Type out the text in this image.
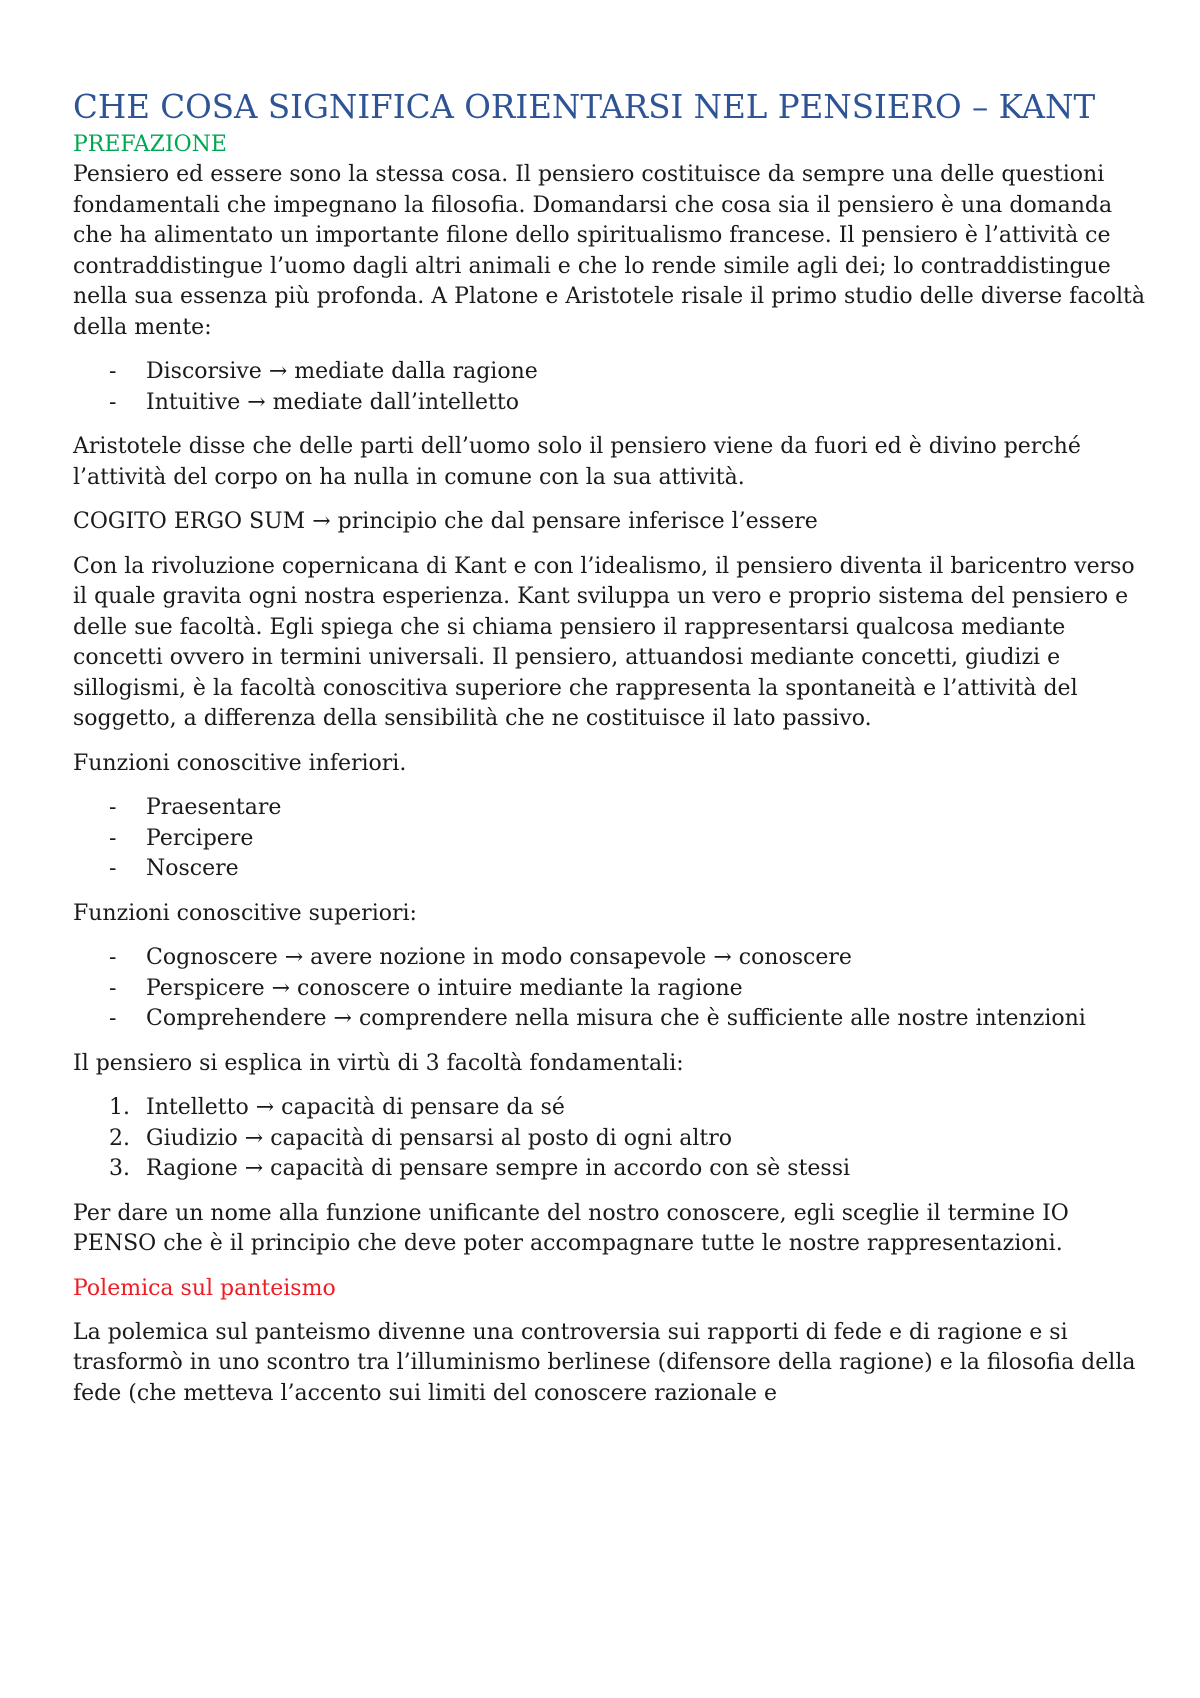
CHE COSA SIGNIFICA ORIENTARSI NEL PENSIERO – KANT
PREFAZIONE

Pensiero ed essere sono la stessa cosa. Il pensiero costituisce da sempre una delle questioni fondamentali che impegnano la filosofia. Domandarsi che cosa sia il pensiero è una domanda che ha alimentato un importante filone dello spiritualismo francese. Il pensiero è l’attività ce contraddistingue l’uomo dagli altri animali e che lo rende simile agli dei; lo contraddistingue nella sua essenza più profonda. A Platone e Aristotele risale il primo studio delle diverse facoltà della mente:

- Discorsive → mediate dalla ragione
- Intuitive → mediate dall’intelletto

Aristotele disse che delle parti dell’uomo solo il pensiero viene da fuori ed è divino perché l’attività del corpo on ha nulla in comune con la sua attività.

COGITO ERGO SUM → principio che dal pensare inferisce l’essere

Con la rivoluzione copernicana di Kant e con l’idealismo, il pensiero diventa il baricentro verso il quale gravita ogni nostra esperienza. Kant sviluppa un vero e proprio sistema del pensiero e delle sue facoltà. Egli spiega che si chiama pensiero il rappresentarsi qualcosa mediante concetti ovvero in termini universali. Il pensiero, attuandosi mediante concetti, giudizi e sillogismi, è la facoltà conoscitiva superiore che rappresenta la spontaneità e l’attività del soggetto, a differenza della sensibilità che ne costituisce il lato passivo.

Funzioni conoscitive inferiori.

- Praesentare
- Percipere
- Noscere

Funzioni conoscitive superiori:

- Cognoscere → avere nozione in modo consapevole → conoscere
- Perspicere → conoscere o intuire mediante la ragione
- Comprehendere → comprendere nella misura che è sufficiente alle nostre intenzioni

Il pensiero si esplica in virtù di 3 facoltà fondamentali:

1. Intelletto → capacità di pensare da sé
2. Giudizio → capacità di pensarsi al posto di ogni altro
3. Ragione → capacità di pensare sempre in accordo con sè stessi

Per dare un nome alla funzione unificante del nostro conoscere, egli sceglie il termine IO PENSO che è il principio che deve poter accompagnare tutte le nostre rappresentazioni.

Polemica sul panteismo

La polemica sul panteismo divenne una controversia sui rapporti di fede e di ragione e si trasformò in uno scontro tra l’illuminismo berlinese (difensore della ragione) e la filosofia della fede (che metteva l’accento sui limiti del conoscere razionale e
